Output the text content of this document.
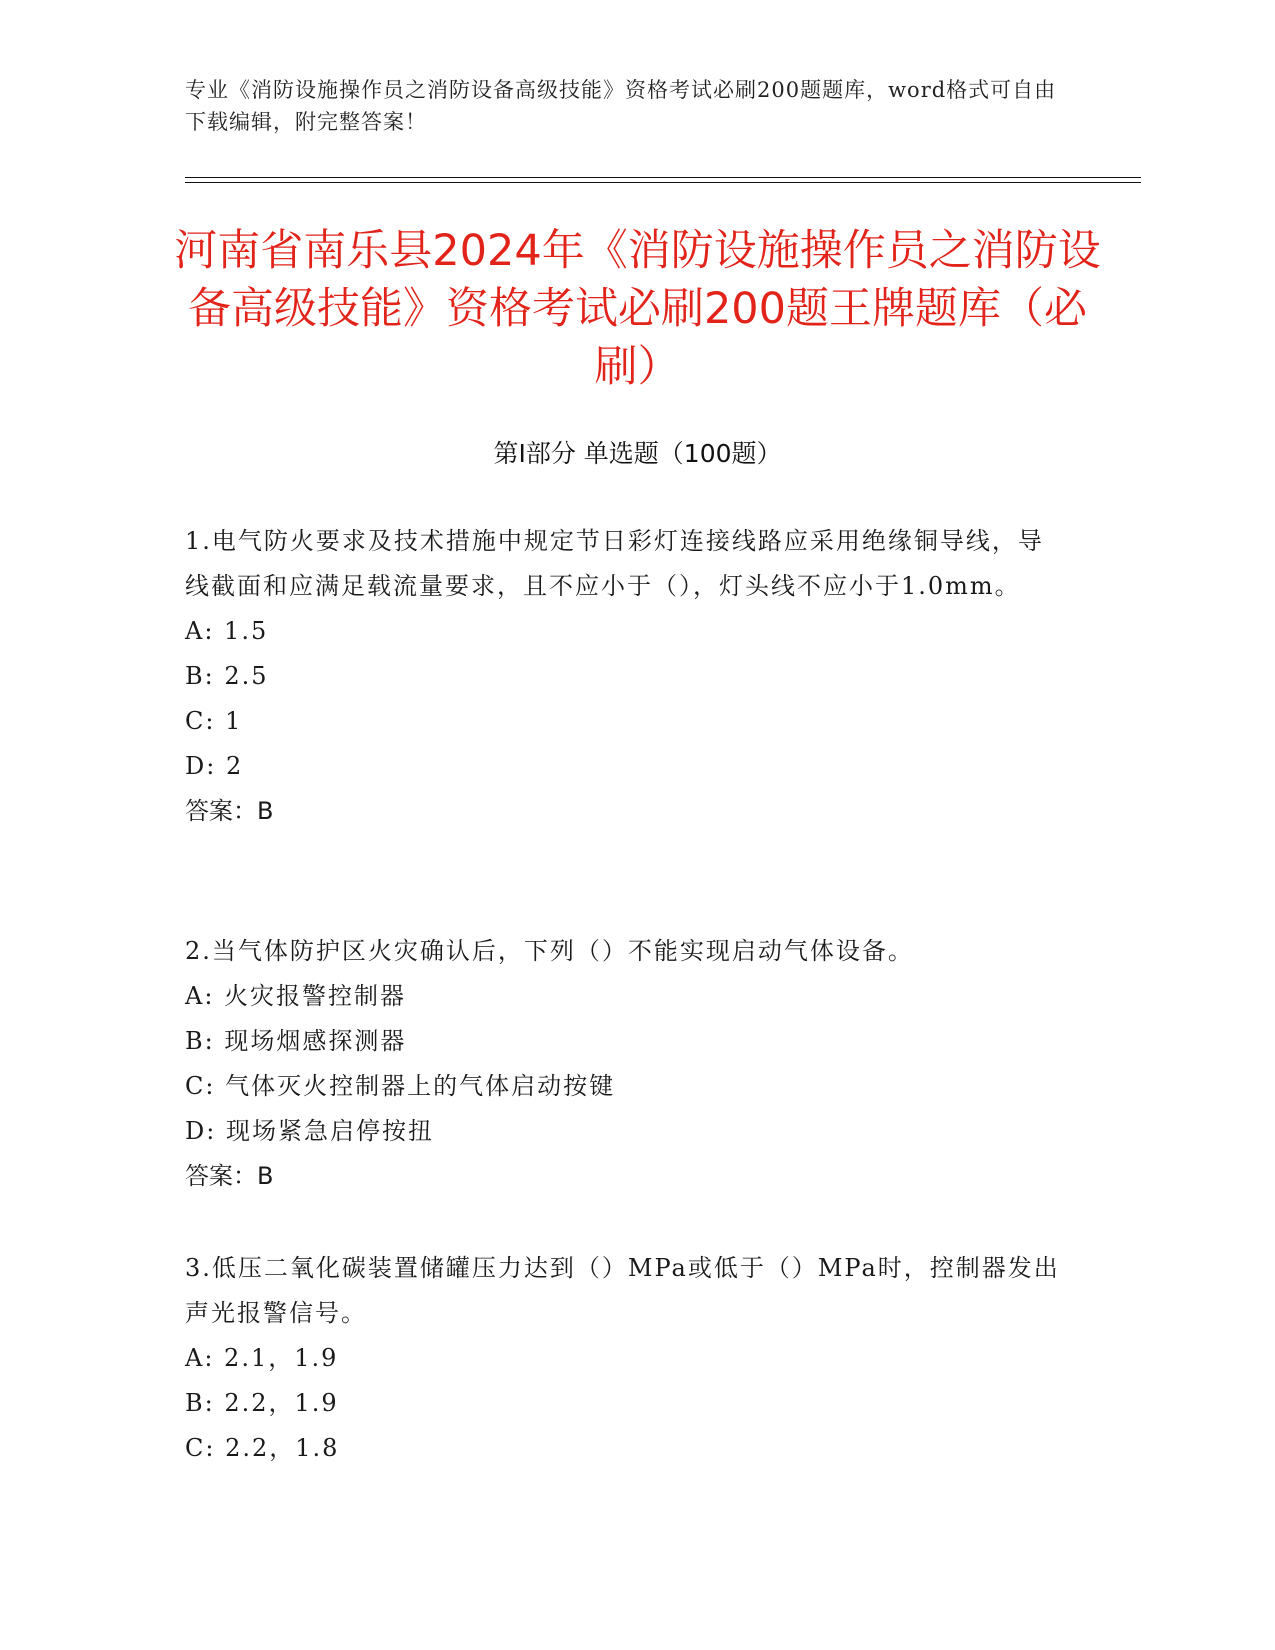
专业《消防设施操作员之消防设备高级技能》资格考试必刷200题题库，word格式可自由下载编辑，附完整答案！
河南省南乐县2024年《消防设施操作员之消防设备高级技能》资格考试必刷200题王牌题库（必刷）
第I部分 单选题（100题）

1.电气防火要求及技术措施中规定节日彩灯连接线路应采用绝缘铜导线，导线截面和应满足载流量要求，且不应小于（），灯头线不应小于1.0mm。

A: 1.5

B: 2.5

C: 1

D: 2

答案：B

2.当气体防护区火灾确认后，下列（）不能实现启动气体设备。

A: 火灾报警控制器

B: 现场烟感探测器

C: 气体灭火控制器上的气体启动按键

D: 现场紧急启停按扭

答案：B

3.低压二氧化碳装置储罐压力达到（）MPa或低于（）MPa时，控制器发出声光报警信号。

A: 2.1，1.9

B: 2.2，1.9

C: 2.2，1.8
